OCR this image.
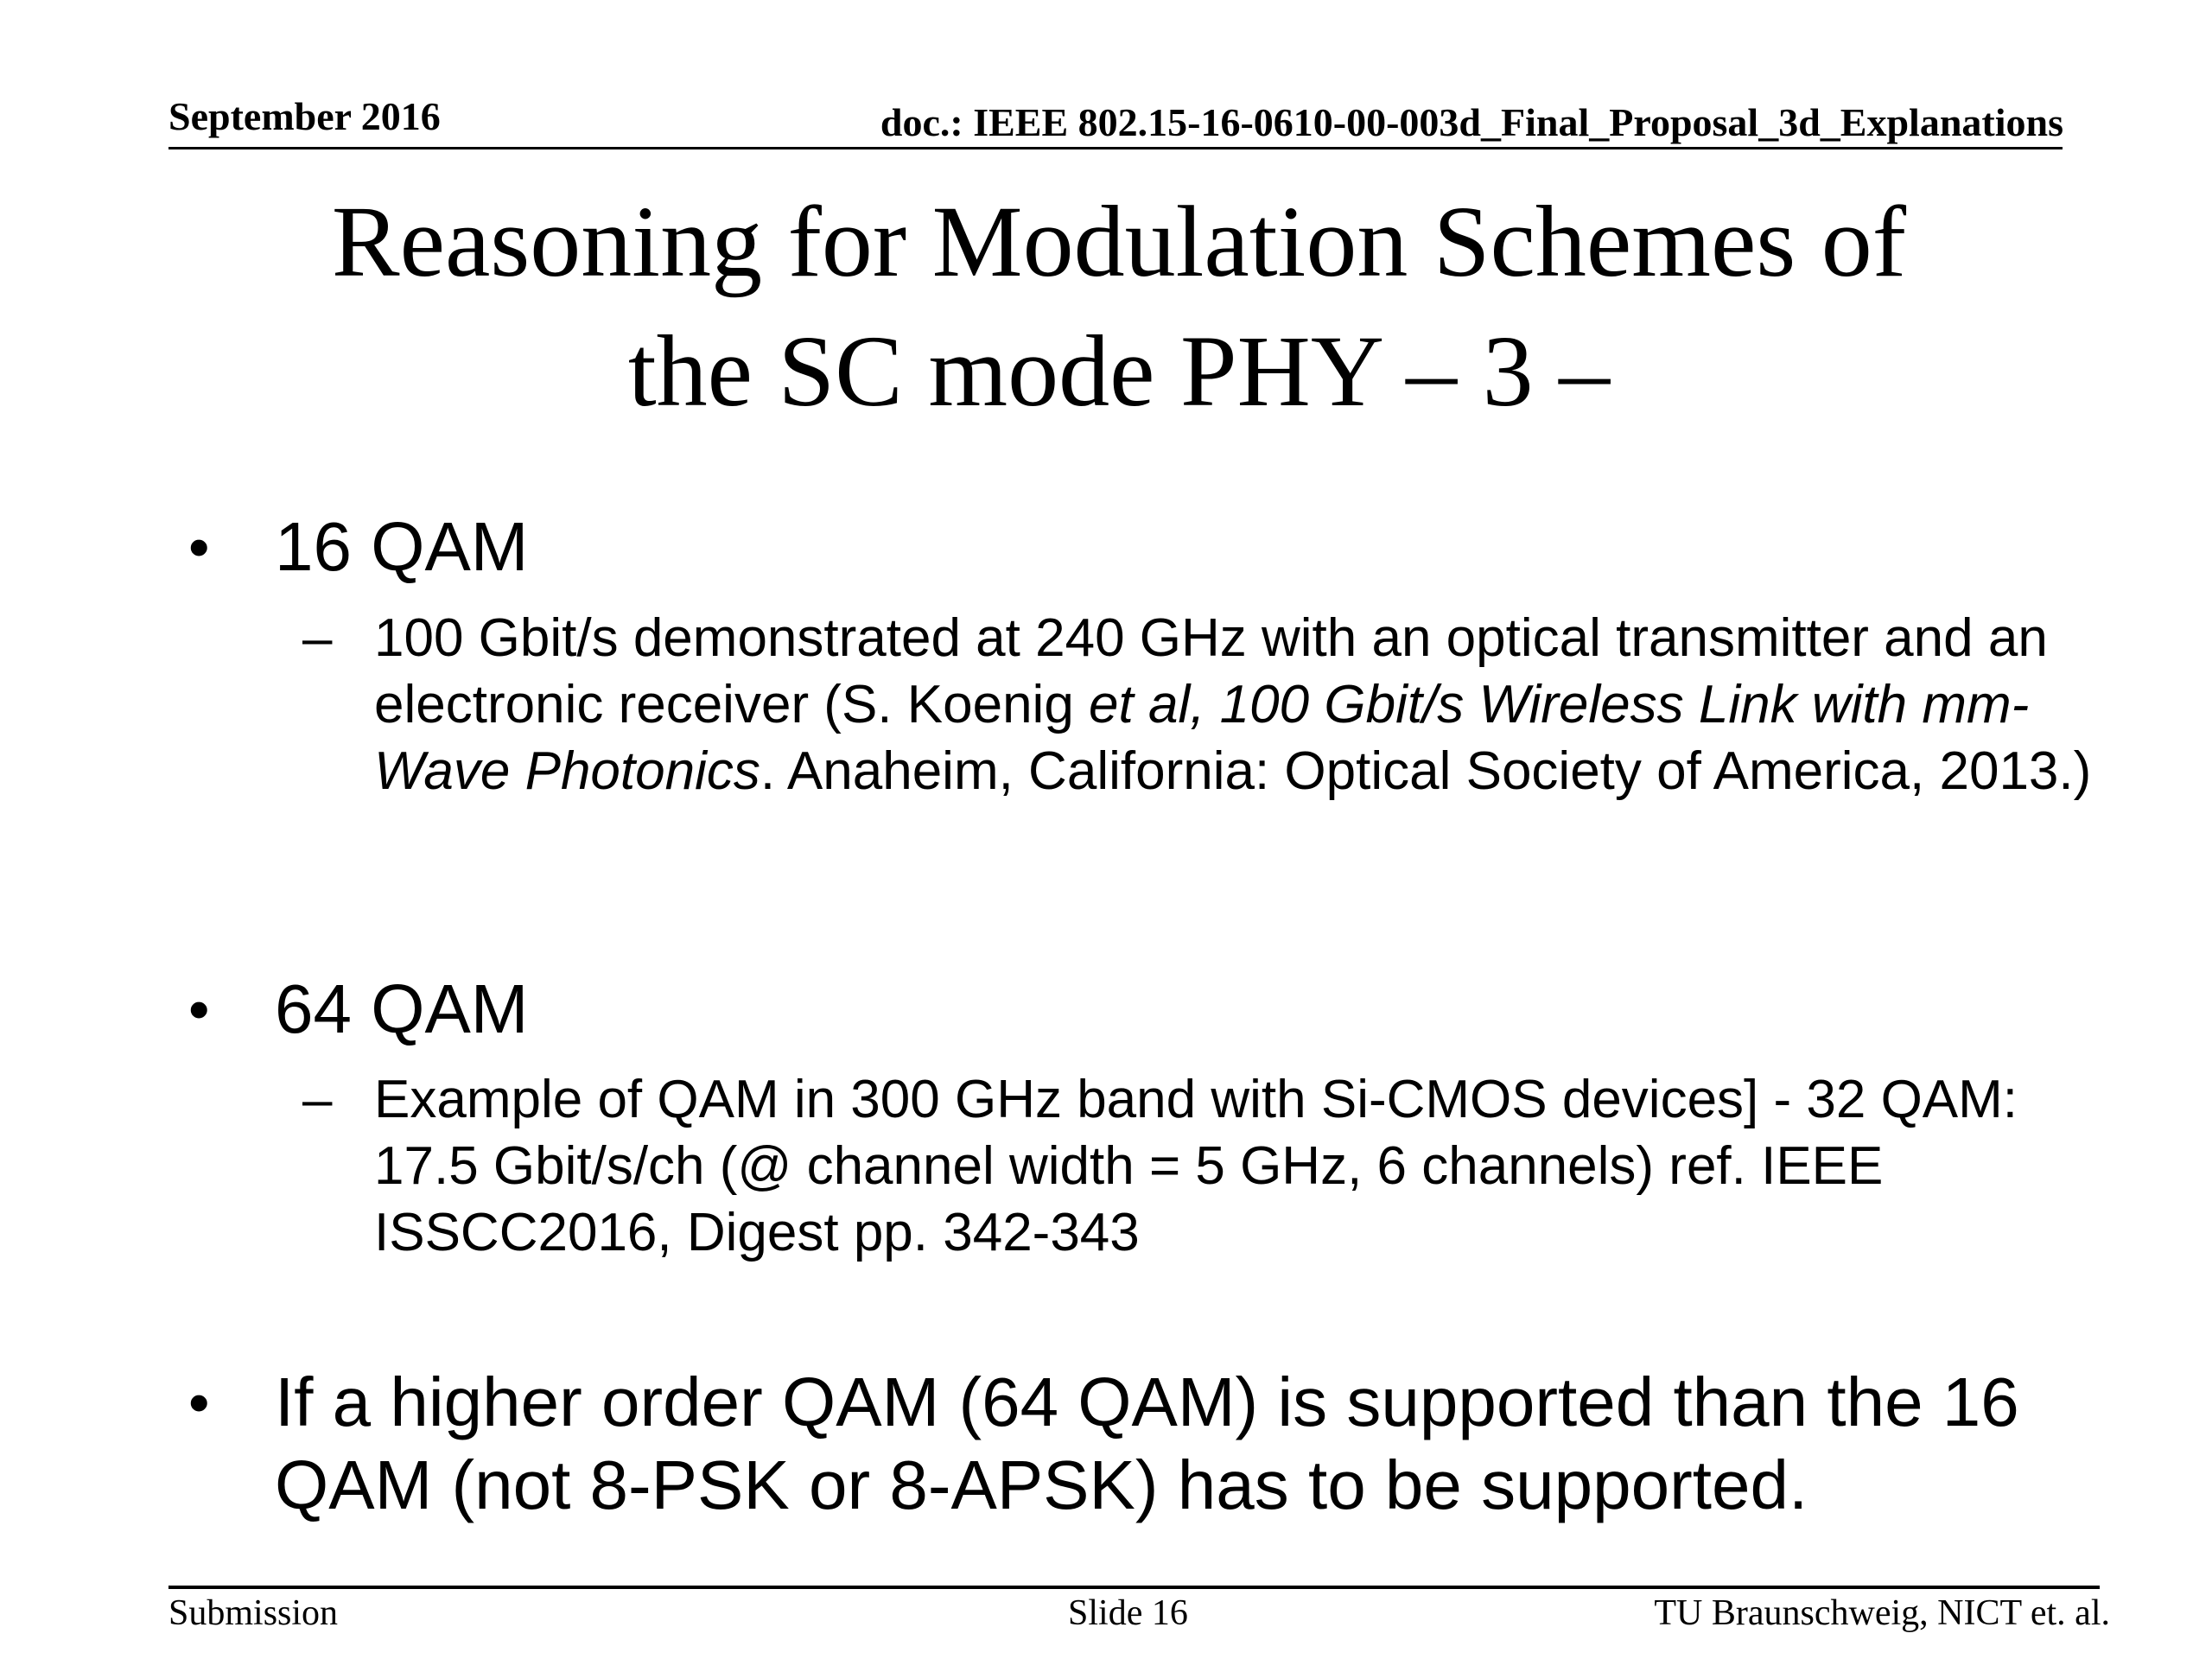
September 2016	doc.: IEEE 802.15-16-0610-00-003d_Final_Proposal_3d_Explanations
Reasoning for Modulation Schemes of
the SC mode PHY – 3 –
• 16 QAM
– 100 Gbit/s demonstrated at 240 GHz with an optical transmitter and an electronic receiver (S. Koenig et al, 100 Gbit/s Wireless Link with mm-Wave Photonics. Anaheim, California: Optical Society of America, 2013.)
• 64 QAM
– Example of QAM in 300 GHz band with Si-CMOS devices] - 32 QAM: 17.5 Gbit/s/ch (@ channel width = 5 GHz, 6 channels) ref. IEEE ISSCC2016, Digest pp. 342-343
• If a higher order QAM (64 QAM) is supported than the 16 QAM (not 8-PSK or 8-APSK) has to be supported.
Submission	Slide 16	TU Braunschweig, NICT et. al.
